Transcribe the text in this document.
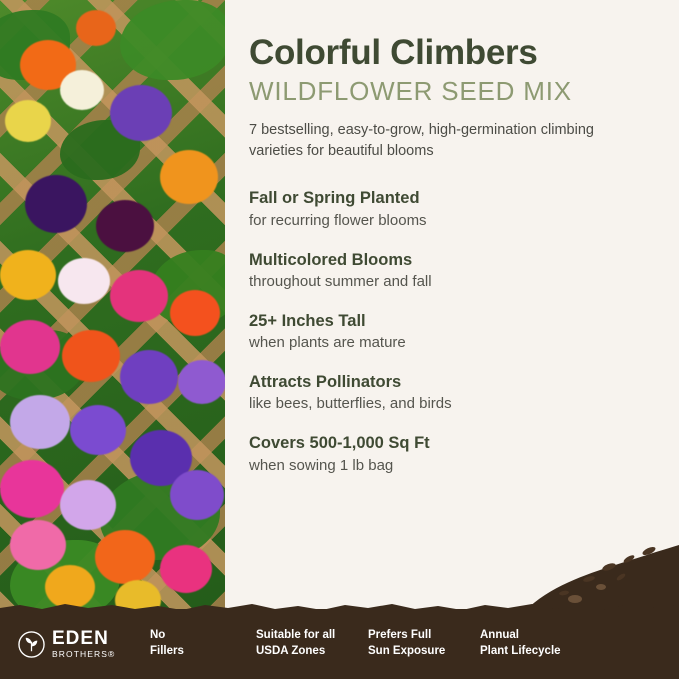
Colorful Climbers
WILDFLOWER SEED MIX

7 bestselling, easy-to-grow, high-germination climbing varieties for beautiful blooms

Fall or Spring Planted
for recurring flower blooms
Multicolored Blooms
throughout summer and fall
25+ Inches Tall
when plants are mature
Attracts Pollinators
like bees, butterflies, and birds
Covers 500-1,000 Sq Ft
when sowing 1 lb bag
EDEN
BROTHERS®
No
Fillers
Suitable for all
USDA Zones
Prefers Full
Sun Exposure
Annual
Plant Lifecycle
